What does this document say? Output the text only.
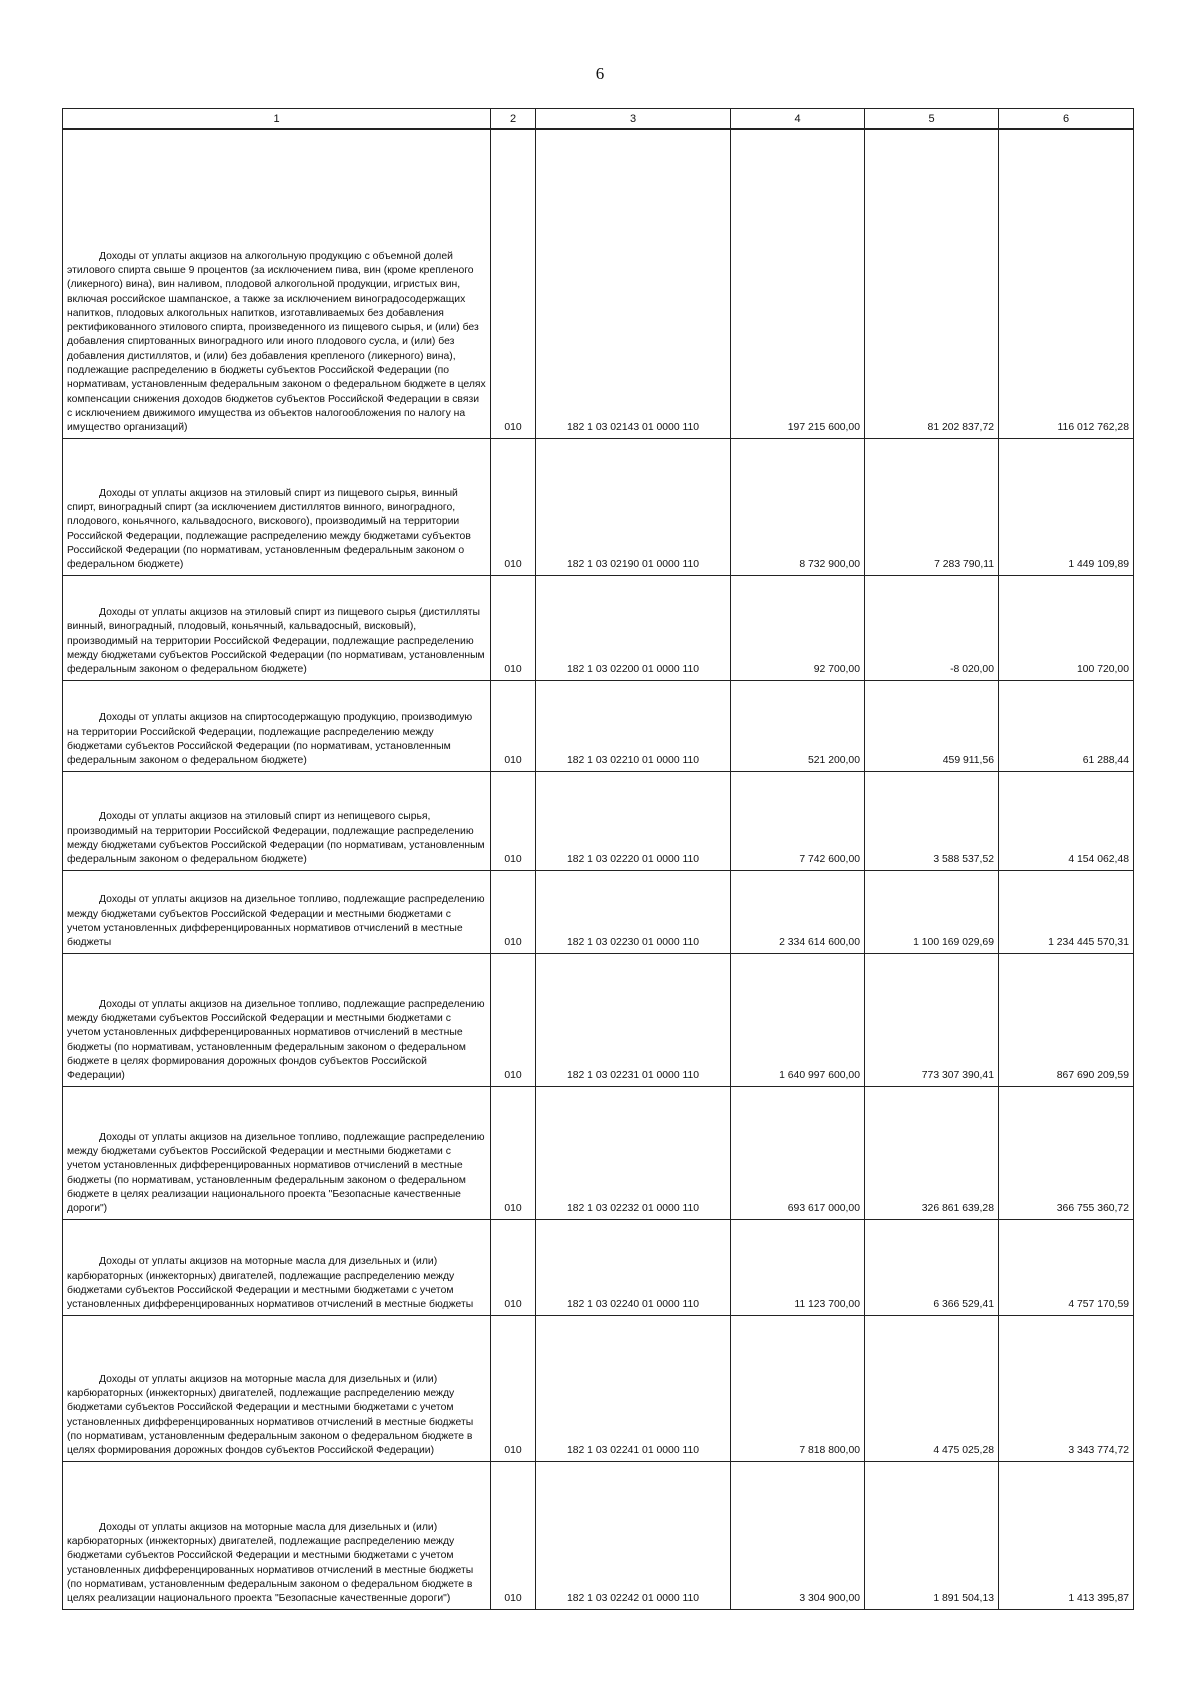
6
1	2	3	4	5	6
Доходы от уплаты акцизов на алкогольную продукцию с объемной долей этилового спирта свыше 9 процентов (за исключением пива, вин (кроме крепленого (ликерного) вина), вин наливом, плодовой алкогольной продукции, игристых вин, включая российское шампанское, а также за исключением виноградосодержащих напитков, плодовых алкогольных напитков, изготавливаемых без добавления ректификованного этилового спирта, произведенного из пищевого сырья, и (или) без добавления спиртованных виноградного или иного плодового сусла, и (или) без добавления дистиллятов, и (или) без добавления крепленого (ликерного) вина), подлежащие распределению в бюджеты субъектов Российской Федерации (по нормативам, установленным федеральным законом о федеральном бюджете в целях компенсации снижения доходов бюджетов субъектов Российской Федерации в связи с исключением движимого имущества из объектов налогообложения по налогу на имущество организаций)	010	182 1 03 02143 01 0000 110	197 215 600,00	81 202 837,72	116 012 762,28
Доходы от уплаты акцизов на этиловый спирт из пищевого сырья, винный спирт, виноградный спирт (за исключением дистиллятов винного, виноградного, плодового, коньячного, кальвадосного, вискового), производимый на территории Российской Федерации, подлежащие распределению между бюджетами субъектов Российской Федерации (по нормативам, установленным федеральным законом о федеральном бюджете)	010	182 1 03 02190 01 0000 110	8 732 900,00	7 283 790,11	1 449 109,89
Доходы от уплаты акцизов на этиловый спирт из пищевого сырья (дистилляты винный, виноградный, плодовый, коньячный, кальвадосный, висковый), производимый на территории Российской Федерации, подлежащие распределению между бюджетами субъектов Российской Федерации (по нормативам, установленным федеральным законом о федеральном бюджете)	010	182 1 03 02200 01 0000 110	92 700,00	-8 020,00	100 720,00
Доходы от уплаты акцизов на спиртосодержащую продукцию, производимую на территории Российской Федерации, подлежащие распределению между бюджетами субъектов Российской Федерации (по нормативам, установленным федеральным законом о федеральном бюджете)	010	182 1 03 02210 01 0000 110	521 200,00	459 911,56	61 288,44
Доходы от уплаты акцизов на этиловый спирт из непищевого сырья, производимый на территории Российской Федерации, подлежащие распределению между бюджетами субъектов Российской Федерации (по нормативам, установленным федеральным законом о федеральном бюджете)	010	182 1 03 02220 01 0000 110	7 742 600,00	3 588 537,52	4 154 062,48
Доходы от уплаты акцизов на дизельное топливо, подлежащие распределению между бюджетами субъектов Российской Федерации и местными бюджетами с учетом установленных дифференцированных нормативов отчислений в местные бюджеты	010	182 1 03 02230 01 0000 110	2 334 614 600,00	1 100 169 029,69	1 234 445 570,31
Доходы от уплаты акцизов на дизельное топливо, подлежащие распределению между бюджетами субъектов Российской Федерации и местными бюджетами с учетом установленных дифференцированных нормативов отчислений в местные бюджеты (по нормативам, установленным федеральным законом о федеральном бюджете в целях формирования дорожных фондов субъектов Российской Федерации)	010	182 1 03 02231 01 0000 110	1 640 997 600,00	773 307 390,41	867 690 209,59
Доходы от уплаты акцизов на дизельное топливо, подлежащие распределению между бюджетами субъектов Российской Федерации и местными бюджетами с учетом установленных дифференцированных нормативов отчислений в местные бюджеты (по нормативам, установленным федеральным законом о федеральном бюджете в целях реализации национального проекта "Безопасные качественные дороги")	010	182 1 03 02232 01 0000 110	693 617 000,00	326 861 639,28	366 755 360,72
Доходы от уплаты акцизов на моторные масла для дизельных и (или) карбюраторных (инжекторных) двигателей, подлежащие распределению между бюджетами субъектов Российской Федерации и местными бюджетами с учетом установленных дифференцированных нормативов отчислений в местные бюджеты	010	182 1 03 02240 01 0000 110	11 123 700,00	6 366 529,41	4 757 170,59
Доходы от уплаты акцизов на моторные масла для дизельных и (или) карбюраторных (инжекторных) двигателей, подлежащие распределению между бюджетами субъектов Российской Федерации и местными бюджетами с учетом установленных дифференцированных нормативов отчислений в местные бюджеты (по нормативам, установленным федеральным законом о федеральном бюджете в целях формирования дорожных фондов субъектов Российской Федерации)	010	182 1 03 02241 01 0000 110	7 818 800,00	4 475 025,28	3 343 774,72
Доходы от уплаты акцизов на моторные масла для дизельных и (или) карбюраторных (инжекторных) двигателей, подлежащие распределению между бюджетами субъектов Российской Федерации и местными бюджетами с учетом установленных дифференцированных нормативов отчислений в местные бюджеты (по нормативам, установленным федеральным законом о федеральном бюджете в целях реализации национального проекта "Безопасные качественные дороги")	010	182 1 03 02242 01 0000 110	3 304 900,00	1 891 504,13	1 413 395,87
